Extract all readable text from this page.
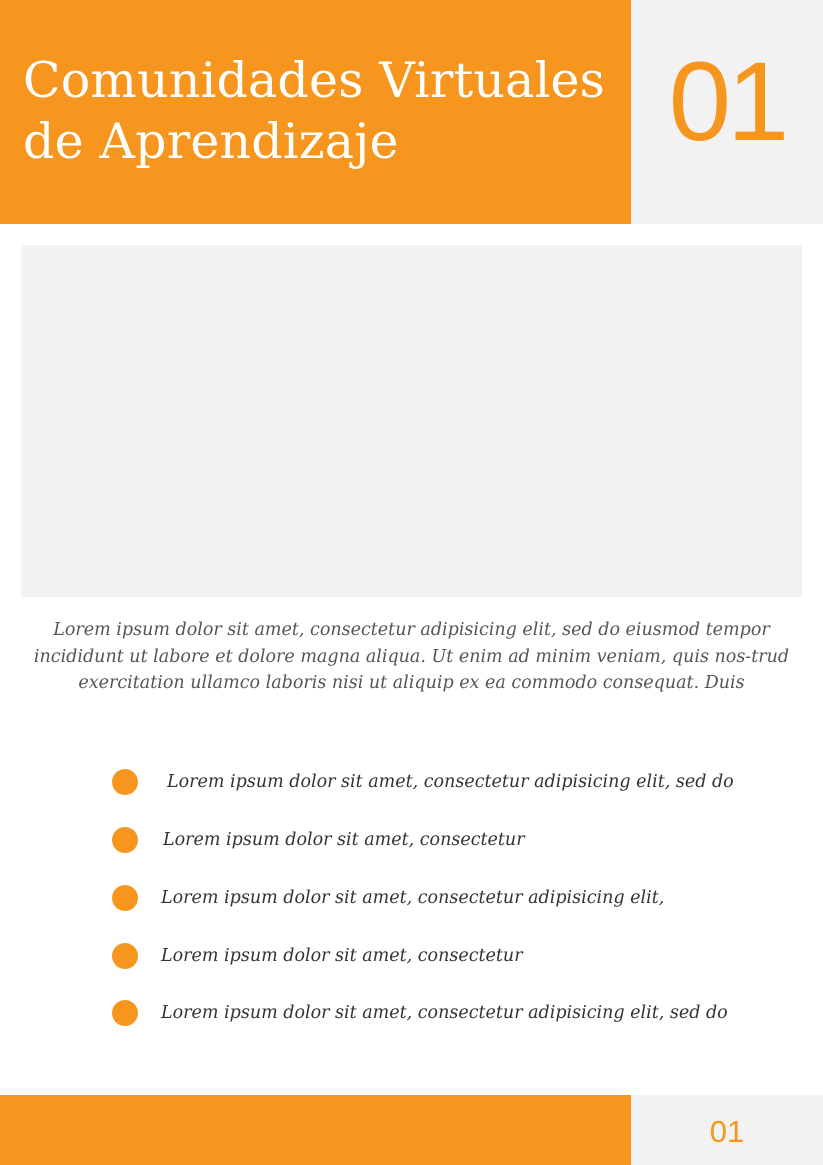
Comunidades Virtuales
de Aprendizaje	01

Lorem ipsum dolor sit amet, consectetur adipisicing elit, sed do eiusmod tempor incididunt ut labore et dolore magna aliqua. Ut enim ad minim veniam, quis nos-trud exercitation ullamco laboris nisi ut aliquip ex ea commodo consequat. Duis

Lorem ipsum dolor sit amet, consectetur adipisicing elit, sed do
Lorem ipsum dolor sit amet, consectetur
Lorem ipsum dolor sit amet, consectetur adipisicing elit,
Lorem ipsum dolor sit amet, consectetur
Lorem ipsum dolor sit amet, consectetur adipisicing elit, sed do
01
